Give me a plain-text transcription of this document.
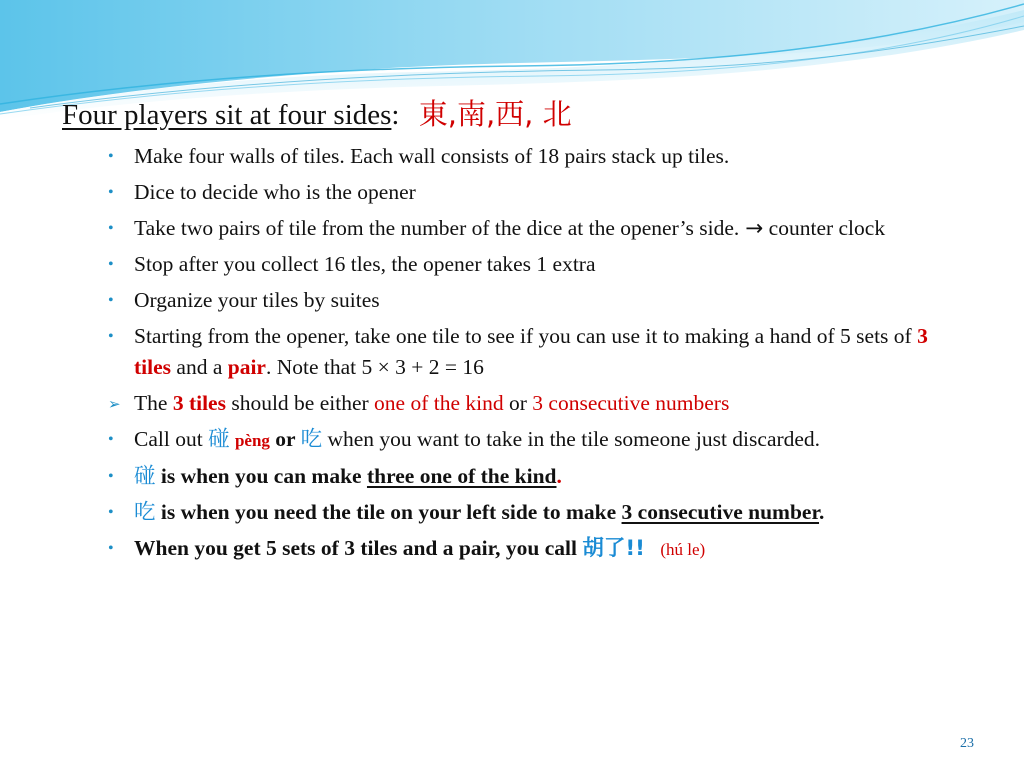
Four players sit at four sides: 東,南,西, 北
• Make four walls of tiles. Each wall consists of 18 pairs stack up tiles.
• Dice to decide who is the opener
• Take two pairs of tile from the number of the dice at the opener’s side. → counter clock
• Stop after you collect 16 tles, the opener takes 1 extra
• Organize your tiles by suites
• Starting from the opener, take one tile to see if you can use it to making a hand of 5 sets of 3 tiles and a pair. Note that 5 × 3 + 2 = 16
➢ The 3 tiles should be either one of the kind or 3 consecutive numbers
• Call out 碰 pèng or 吃 when you want to take in the tile someone just discarded.
• 碰 is when you can make three one of the kind.
• 吃 is when you need the tile on your left side to make 3 consecutive number.
• When you get 5 sets of 3 tiles and a pair, you call 胡了!! (hú le)
23
